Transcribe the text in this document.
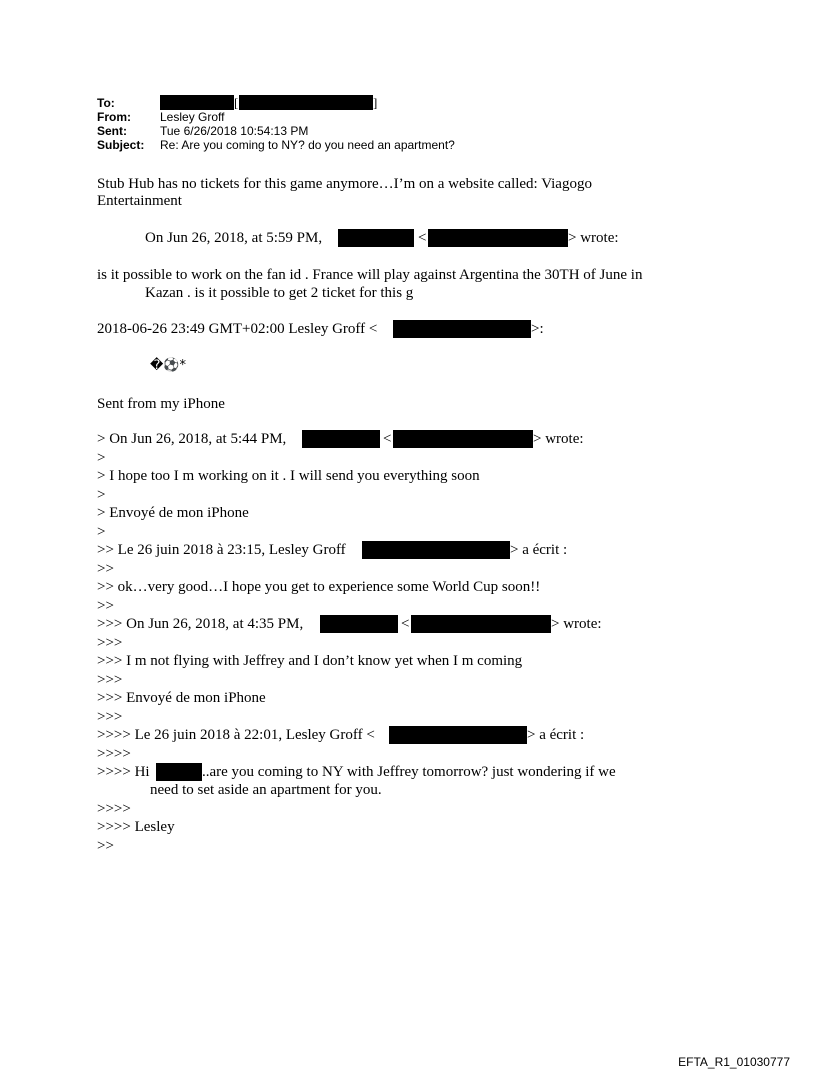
To:	[	]
From: Lesley Groff
Sent:	Tue 6/26/2018 10:54:13 PM
Subject: Re: Are you coming to NY? do you need an apartment?
Stub Hub has no tickets for this game anymore…I’m on a website called: Viagogo
Entertainment
On Jun 26, 2018, at 5:59 PM,	<	> wrote:
is it possible to work on the fan id . France will play against Argentina the 30TH of June in
Kazan . is it possible to get 2 ticket for this g
2018-06-26 23:49 GMT+02:00 Lesley Groff <	>:
�⚽*
Sent from my iPhone
> On Jun 26, 2018, at 5:44 PM,	<	> wrote:
>
> I hope too I m working on it . I will send you everything soon
>
> Envoyé de mon iPhone
>
>> Le 26 juin 2018 à 23:15, Lesley Groff	> a écrit :
>>
>> ok…very good…I hope you get to experience some World Cup soon!!
>>
>>> On Jun 26, 2018, at 4:35 PM,	<	> wrote:
>>>
>>> I m not flying with Jeffrey and I don’t know yet when I m coming
>>>
>>> Envoyé de mon iPhone
>>>
>>>> Le 26 juin 2018 à 22:01, Lesley Groff <	> a écrit :
>>>>
>>>> Hi	..are you coming to NY with Jeffrey tomorrow? just wondering if we
need to set aside an apartment for you.
>>>>
>>>> Lesley
>>
EFTA_R1_01030777
